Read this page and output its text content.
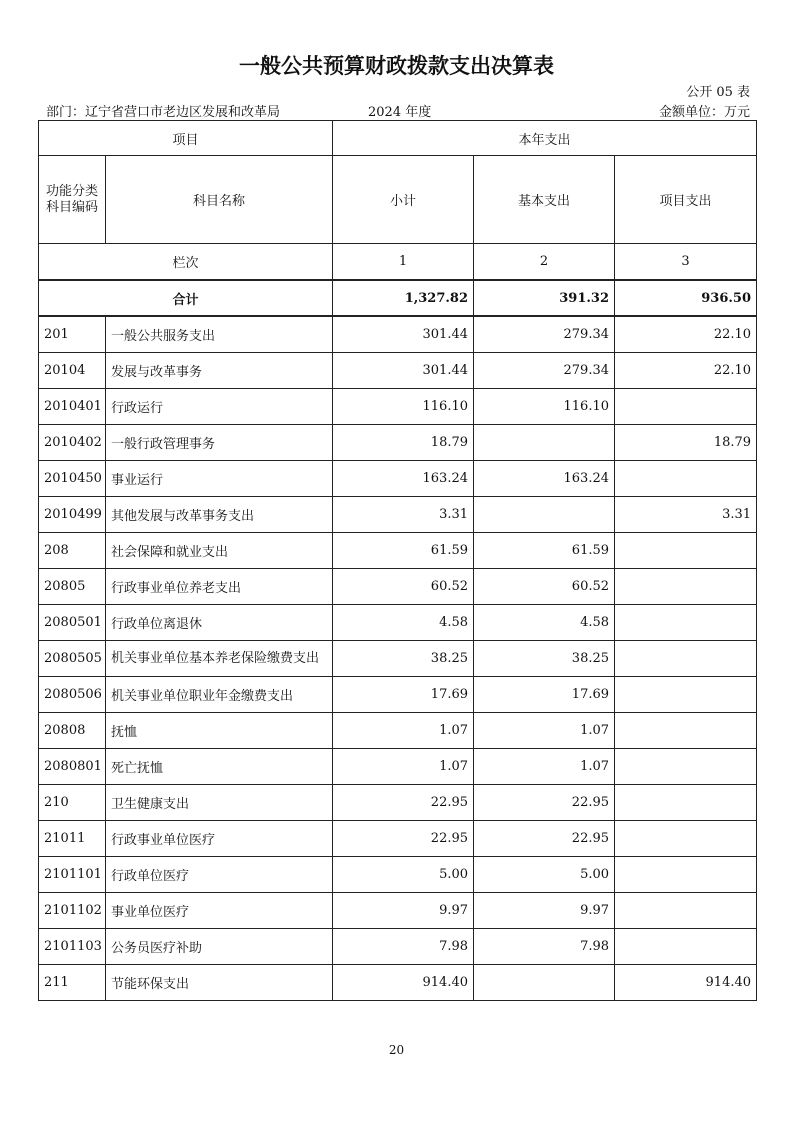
一般公共预算财政拨款支出决算表
公开 05 表
部门：辽宁省营口市老边区发展和改革局	2024 年度	金额单位：万元
项目		本年支出		
功能分类科目编码	科目名称	小计	基本支出	项目支出
栏次		1	2	3
合计		1,327.82	391.32	936.50
201	一般公共服务支出	301.44	279.34	22.10
20104	发展与改革事务	301.44	279.34	22.10
2010401	行政运行	116.10	116.10	
2010402	一般行政管理事务	18.79		18.79
2010450	事业运行	163.24	163.24	
2010499	其他发展与改革事务支出	3.31		3.31
208	社会保障和就业支出	61.59	61.59	
20805	行政事业单位养老支出	60.52	60.52	
2080501	行政单位离退休	4.58	4.58	
2080505	机关事业单位基本养老保险缴费支出	38.25	38.25	
2080506	机关事业单位职业年金缴费支出	17.69	17.69	
20808	抚恤	1.07	1.07	
2080801	死亡抚恤	1.07	1.07	
210	卫生健康支出	22.95	22.95	
21011	行政事业单位医疗	22.95	22.95	
2101101	行政单位医疗	5.00	5.00	
2101102	事业单位医疗	9.97	9.97	
2101103	公务员医疗补助	7.98	7.98	
211	节能环保支出	914.40		914.40
20
